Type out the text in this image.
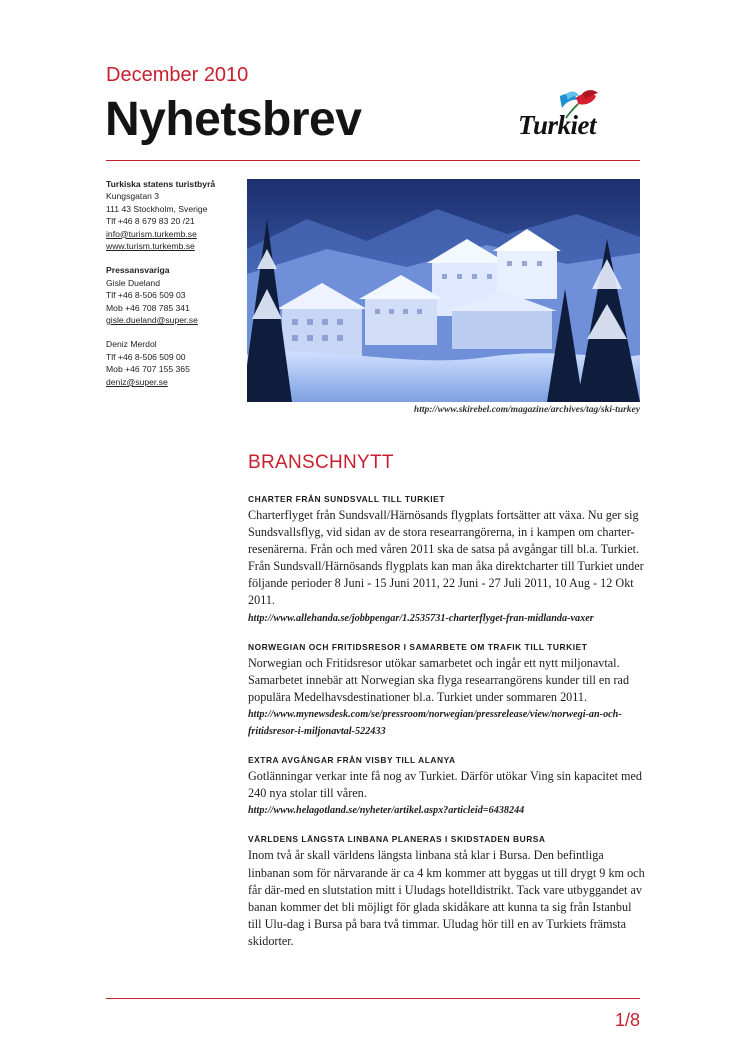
December 2010
Nyhetsbrev	Turkiet

Turkiska statens turistbyrå

Kungsgatan 3

111 43 Stockholm, Sverige

Tlf +46 8 679 83 20 /21

info@turism.turkemb.se

www.turism.turkemb.se

Pressansvariga

Gisle Dueland

Tlf +46 8-506 509 03

Mob +46 708 785 341

gisle.dueland@super.se

Deniz Merdol

Tlf +46 8-506 509 00

Mob +46 707 155 365

deniz@super.se

http://www.skirebel.com/magazine/archives/tag/ski-turkey
BRANSCHNYTT
CHARTER FRÅN SUNDSVALL TILL TURKIET
Charterflyget från Sundsvall/Härnösands flygplats fortsätter att växa. Nu ger sig Sundsvallsflyg, vid sidan av de stora researrangörerna, in i kampen om charter-resenärerna. Från och med våren 2011 ska de satsa på avgångar till bl.a. Turkiet. Från Sundsvall/Härnösands flygplats kan man åka direktcharter till Turkiet under följande perioder 8 Juni - 15 Juni 2011, 22 Juni - 27 Juli 2011, 10 Aug - 12 Okt 2011.
http://www.allehanda.se/jobbpengar/1.2535731-charterflyget-fran-midlanda-vaxer
NORWEGIAN OCH FRITIDSRESOR I SAMARBETE OM TRAFIK TILL TURKIET
Norwegian och Fritidsresor utökar samarbetet och ingår ett nytt miljonavtal. Samarbetet innebär att Norwegian ska flyga researrangörens kunder till en rad populära Medelhavsdestinationer bl.a. Turkiet under sommaren 2011.
http://www.mynewsdesk.com/se/pressroom/norwegian/pressrelease/view/norwegi-an-och-fritidsresor-i-miljonavtal-522433
EXTRA AVGÅNGAR FRÅN VISBY TILL ALANYA
Gotlänningar verkar inte få nog av Turkiet. Därför utökar Ving sin kapacitet med 240 nya stolar till våren.
http://www.helagotland.se/nyheter/artikel.aspx?articleid=6438244
VÄRLDENS LÄNGSTA LINBANA PLANERAS I SKIDSTADEN BURSA
Inom två år skall världens längsta linbana stå klar i Bursa. Den befintliga linbanan som för närvarande är ca 4 km kommer att byggas ut till drygt 9 km och får där-med en slutstation mitt i Uludags hotelldistrikt. Tack vare utbyggandet av banan kommer det bli möjligt för glada skidåkare att kunna ta sig från Istanbul till Ulu-dag i Bursa på bara två timmar. Uludag hör till en av Turkiets främsta skidorter.
1/8
